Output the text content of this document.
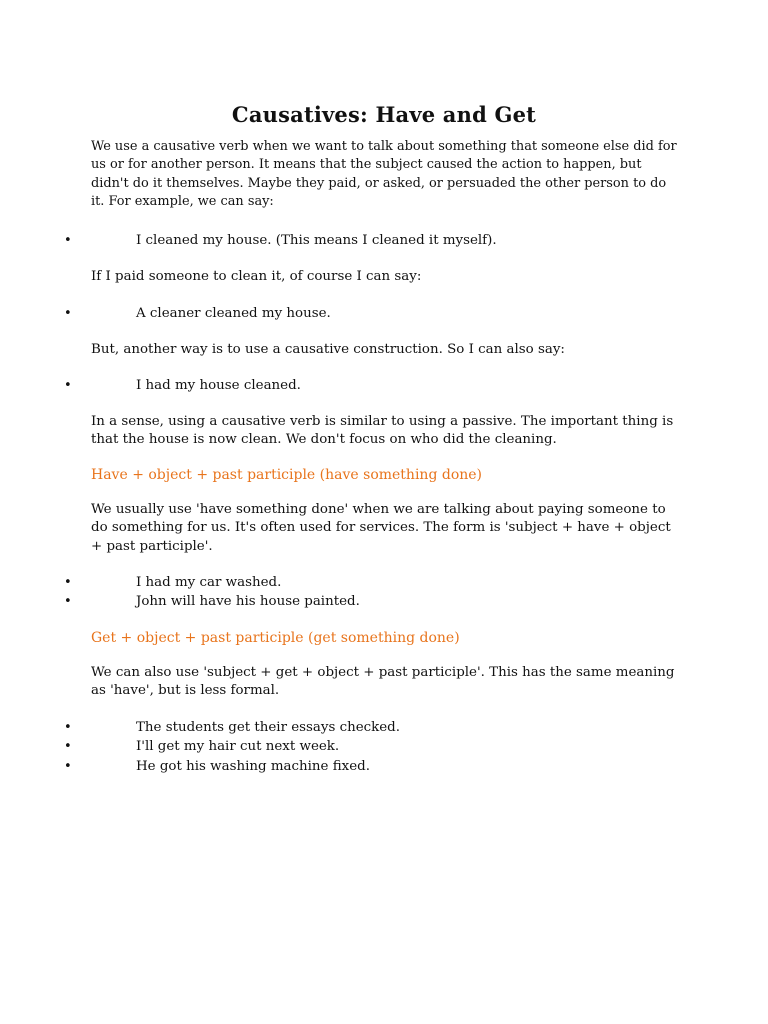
Causatives: Have and Get

We use a causative verb when we want to talk about something that someone else did for us or for another person. It means that the subject caused the action to happen, but didn't do it themselves. Maybe they paid, or asked, or persuaded the other person to do it. For example, we can say:

•	I cleaned my house. (This means I cleaned it myself).

If I paid someone to clean it, of course I can say:

•	A cleaner cleaned my house.

But, another way is to use a causative construction. So I can also say:

•	I had my house cleaned.

In a sense, using a causative verb is similar to using a passive. The important thing is that the house is now clean. We don't focus on who did the cleaning.

Have + object + past participle (have something done)

We usually use 'have something done' when we are talking about paying someone to do something for us. It's often used for services. The form is 'subject + have + object + past participle'.

•	I had my car washed.
•	John will have his house painted.

Get + object + past participle (get something done)

We can also use 'subject + get + object + past participle'. This has the same meaning as 'have', but is less formal.

•	The students get their essays checked.
•	I'll get my hair cut next week.
•	He got his washing machine fixed.
